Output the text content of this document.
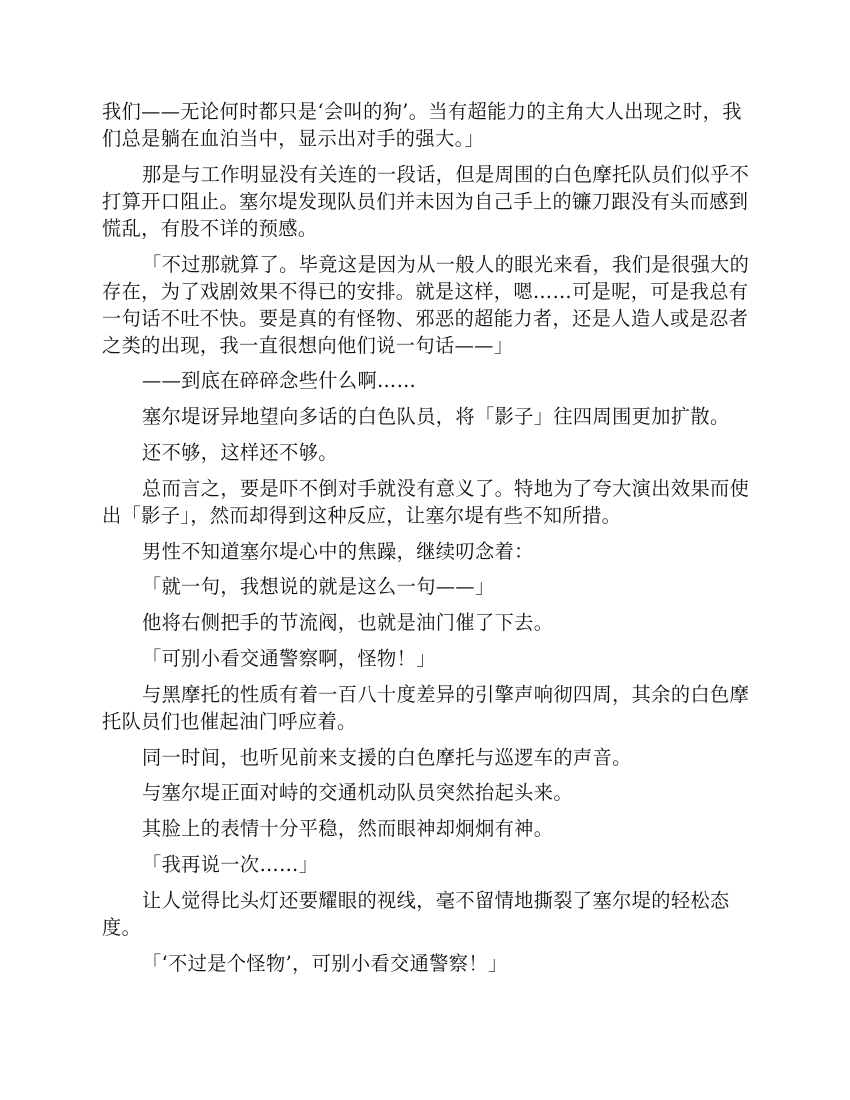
我们——无论何时都只是‘会叫的狗’。当有超能力的主角大人出现之时，我们总是躺在血泊当中，显示出对手的强大。」

那是与工作明显没有关连的一段话，但是周围的白色摩托队员们似乎不打算开口阻止。塞尔堤发现队员们并未因为自己手上的镰刀跟没有头而感到慌乱，有股不详的预感。

「不过那就算了。毕竟这是因为从一般人的眼光来看，我们是很强大的存在，为了戏剧效果不得已的安排。就是这样，嗯……可是呢，可是我总有一句话不吐不快。要是真的有怪物、邪恶的超能力者，还是人造人或是忍者之类的出现，我一直很想向他们说一句话——」

——到底在碎碎念些什么啊……

塞尔堤讶异地望向多话的白色队员，将「影子」往四周围更加扩散。

还不够，这样还不够。

总而言之，要是吓不倒对手就没有意义了。特地为了夸大演出效果而使出「影子」，然而却得到这种反应，让塞尔堤有些不知所措。

男性不知道塞尔堤心中的焦躁，继续叨念着：

「就一句，我想说的就是这么一句——」

他将右侧把手的节流阀，也就是油门催了下去。

「可别小看交通警察啊，怪物！」

与黑摩托的性质有着一百八十度差异的引擎声响彻四周，其余的白色摩托队员们也催起油门呼应着。

同一时间，也听见前来支援的白色摩托与巡逻车的声音。

与塞尔堤正面对峙的交通机动队员突然抬起头来。

其脸上的表情十分平稳，然而眼神却炯炯有神。

「我再说一次……」

让人觉得比头灯还要耀眼的视线，毫不留情地撕裂了塞尔堤的轻松态度。

「‘不过是个怪物’，可别小看交通警察！」
